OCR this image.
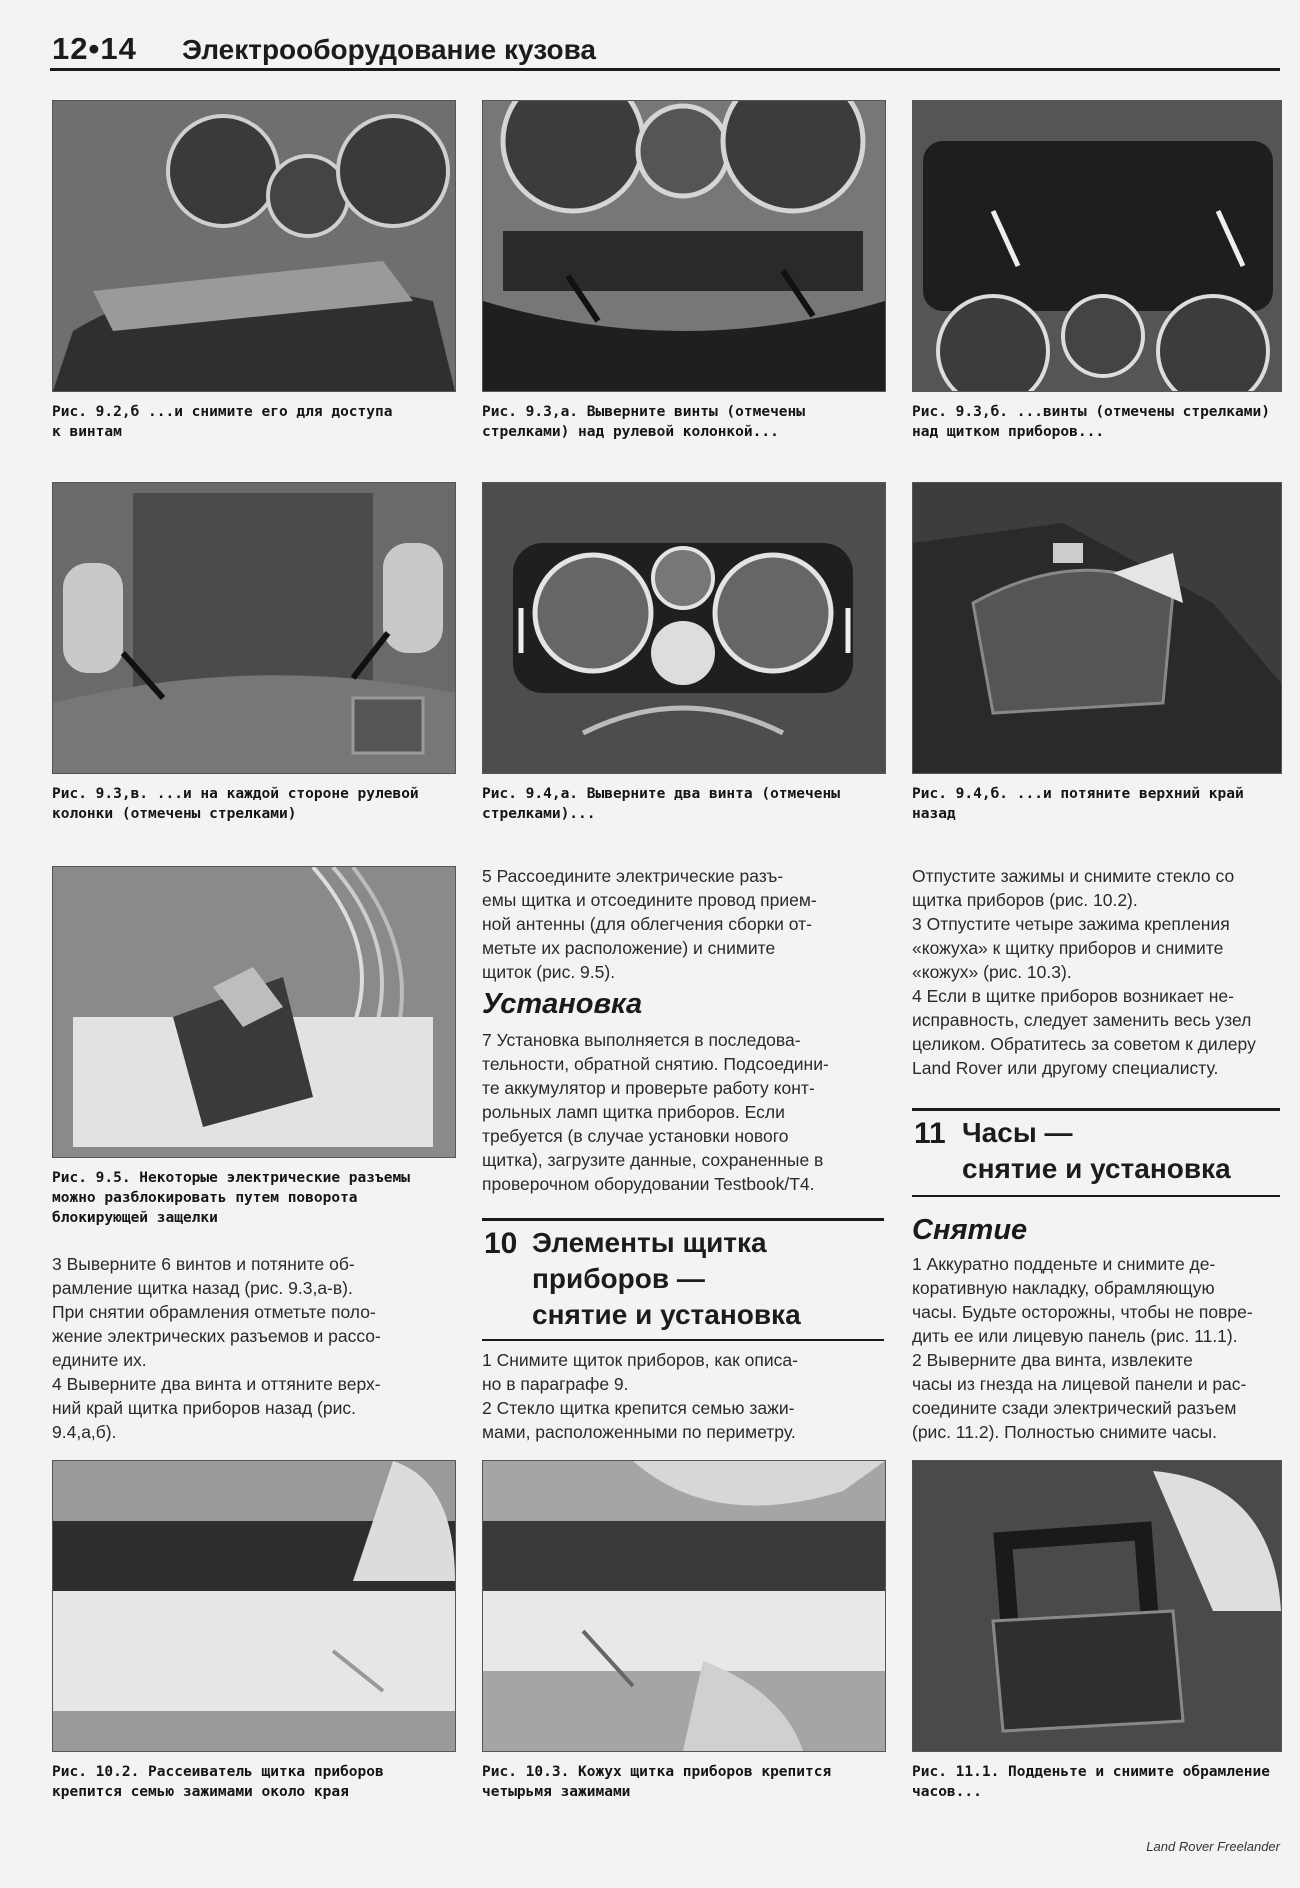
12•14 Электрооборудование кузова

Рис. 9.2,б ...и снимите его для доступа
к винтам

Рис. 9.3,а. Выверните винты (отмечены
стрелками) над рулевой колонкой...

Рис. 9.3,б. ...винты (отмечены стрелками)
над щитком приборов...

Рис. 9.3,в. ...и на каждой стороне рулевой
колонки (отмечены стрелками)

Рис. 9.4,а. Выверните два винта (отмечены
стрелками)...

Рис. 9.4,б. ...и потяните верхний край назад

Рис. 9.5. Некоторые электрические разъемы
можно разблокировать путем поворота
блокирующей защелки

3 Выверните 6 винтов и потяните об-
рамление щитка назад (рис. 9.3,а-в).
При снятии обрамления отметьте поло-
жение электрических разъемов и рассо-
едините их.

4 Выверните два винта и оттяните верх-
ний край щитка приборов назад (рис.
9.4,а,б).

5 Рассоедините электрические разъ-
емы щитка и отсоедините провод прием-
ной антенны (для облегчения сборки от-
метьте их расположение) и снимите
щиток (рис. 9.5).

Установка

7 Установка выполняется в последова-
тельности, обратной снятию. Подсоедини-
те аккумулятор и проверьте работу конт-
рольных ламп щитка приборов. Если
требуется (в случае установки нового
щитка), загрузите данные, сохраненные в
проверочном оборудовании Testbook/T4.

10 Элементы щитка
приборов —
снятие и установка

1 Снимите щиток приборов, как описа-
но в параграфе 9.

2 Стекло щитка крепится семью зажи-
мами, расположенными по периметру.

Отпустите зажимы и снимите стекло со
щитка приборов (рис. 10.2).
3 Отпустите четыре зажима крепления
«кожуха» к щитку приборов и снимите
«кожух» (рис. 10.3).
4 Если в щитке приборов возникает не-
исправность, следует заменить весь узел
целиком. Обратитесь за советом к дилеру
Land Rover или другому специалисту.

11 Часы —
снятие и установка
Снятие

1 Аккуратно подденьте и снимите де-
коративную накладку, обрамляющую
часы. Будьте осторожны, чтобы не повре-
дить ее или лицевую панель (рис. 11.1).

2 Выверните два винта, извлеките
часы из гнезда на лицевой панели и рас-
соедините сзади электрический разъем
(рис. 11.2). Полностью снимите часы.

Рис. 10.2. Рассеиватель щитка приборов
крепится семью зажимами около края

Рис. 10.3. Кожух щитка приборов крепится
четырьмя зажимами

Рис. 11.1. Подденьте и снимите обрамление
часов...

Land Rover Freelander
